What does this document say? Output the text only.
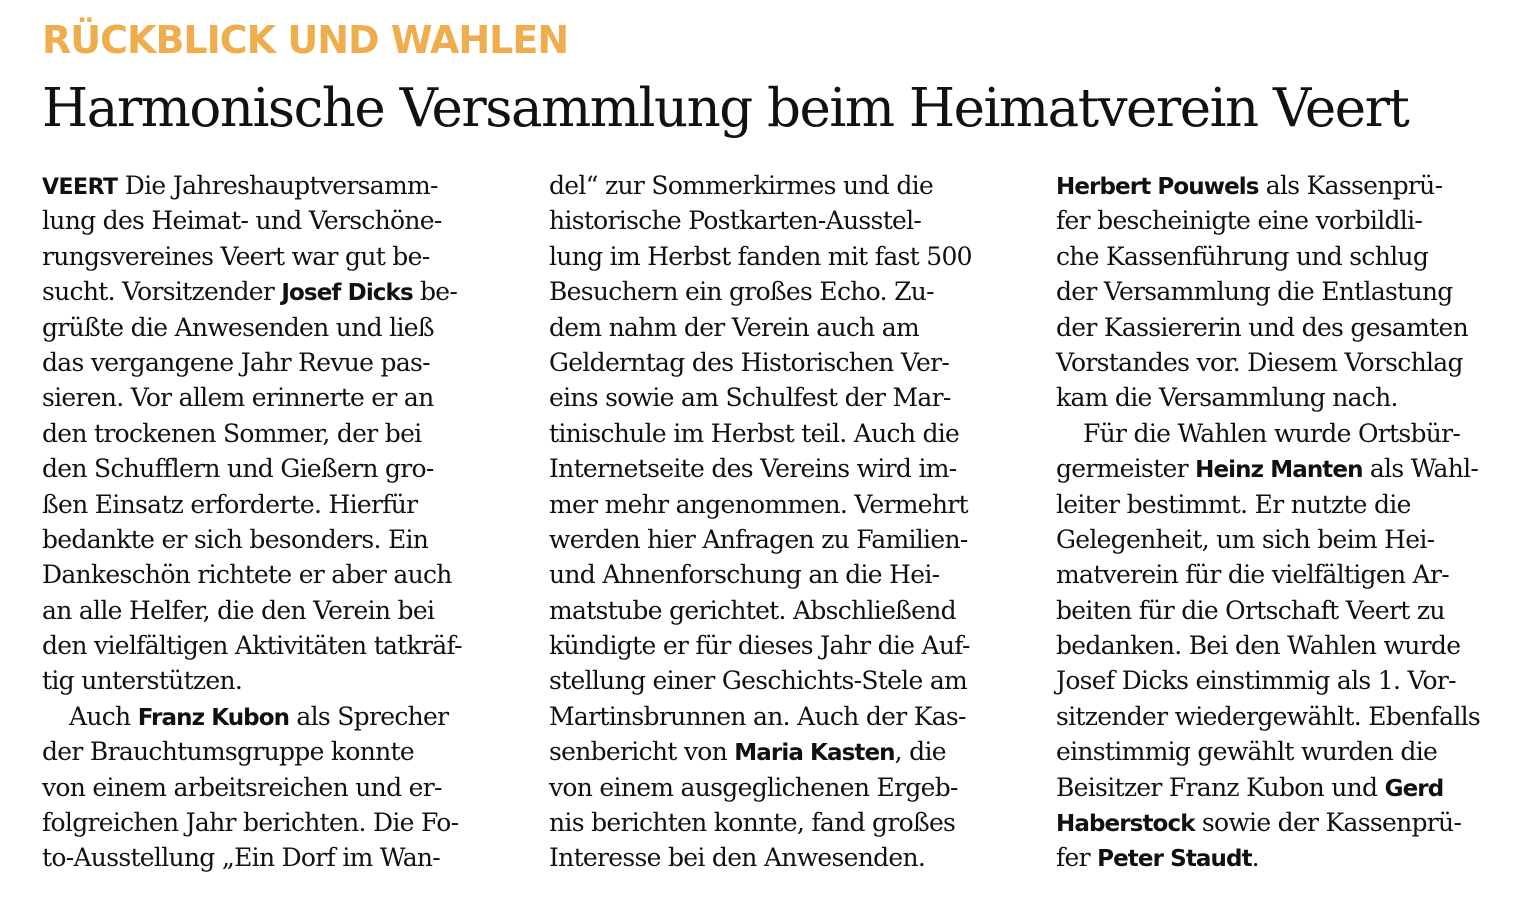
RÜCKBLICK UND WAHLEN
Harmonische Versammlung beim Heimatverein Veert
VEERT Die Jahreshauptversamm-
lung des Heimat- und Verschöne-
rungsvereines Veert war gut be-
sucht. Vorsitzender Josef Dicks be-
grüßte die Anwesenden und ließ
das vergangene Jahr Revue pas-
sieren. Vor allem erinnerte er an
den trockenen Sommer, der bei
den Schufflern und Gießern gro-
ßen Einsatz erforderte. Hierfür
bedankte er sich besonders. Ein
Dankeschön richtete er aber auch
an alle Helfer, die den Verein bei
den vielfältigen Aktivitäten tatkräf-
tig unterstützen.
Auch Franz Kubon als Sprecher
der Brauchtumsgruppe konnte
von einem arbeitsreichen und er-
folgreichen Jahr berichten. Die Fo-
to-Ausstellung „Ein Dorf im Wan-
del“ zur Sommerkirmes und die
historische Postkarten-Ausstel-
lung im Herbst fanden mit fast 500
Besuchern ein großes Echo. Zu-
dem nahm der Verein auch am
Gelderntag des Historischen Ver-
eins sowie am Schulfest der Mar-
tinischule im Herbst teil. Auch die
Internetseite des Vereins wird im-
mer mehr angenommen. Vermehrt
werden hier Anfragen zu Familien-
und Ahnenforschung an die Hei-
matstube gerichtet. Abschließend
kündigte er für dieses Jahr die Auf-
stellung einer Geschichts-Stele am
Martinsbrunnen an. Auch der Kas-
senbericht von Maria Kasten, die
von einem ausgeglichenen Ergeb-
nis berichten konnte, fand großes
Interesse bei den Anwesenden.
Herbert Pouwels als Kassenprü-
fer bescheinigte eine vorbildli-
che Kassenführung und schlug
der Versammlung die Entlastung
der Kassiererin und des gesamten
Vorstandes vor. Diesem Vorschlag
kam die Versammlung nach.
Für die Wahlen wurde Ortsbür-
germeister Heinz Manten als Wahl-
leiter bestimmt. Er nutzte die
Gelegenheit, um sich beim Hei-
matverein für die vielfältigen Ar-
beiten für die Ortschaft Veert zu
bedanken. Bei den Wahlen wurde
Josef Dicks einstimmig als 1. Vor-
sitzender wiedergewählt. Ebenfalls
einstimmig gewählt wurden die
Beisitzer Franz Kubon und Gerd
Haberstock sowie der Kassenprü-
fer Peter Staudt.
